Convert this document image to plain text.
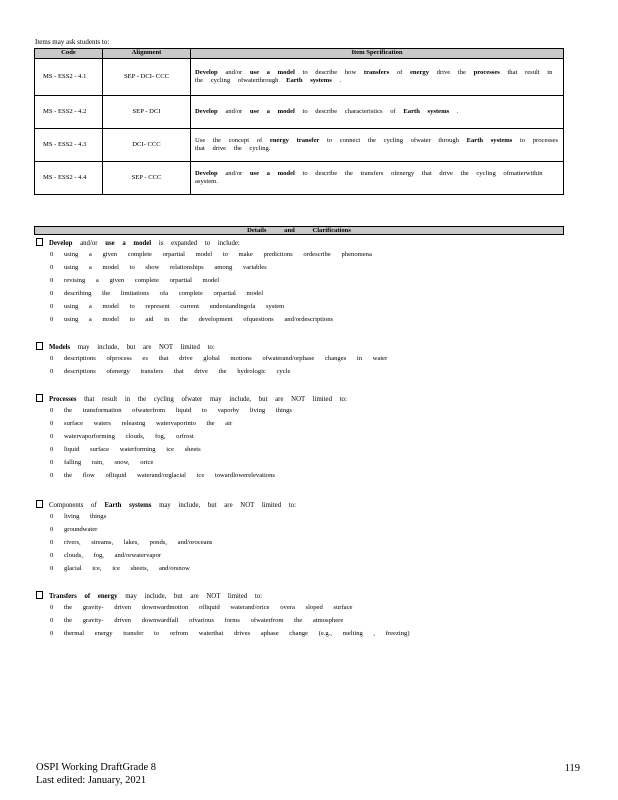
Items may ask students to:
Code	Alignment	Item Specification
MS - ESS2 - 4.1	SEP - DCI- CCC	Develop and/or use a model to describe how transfers of energy drive the processes that result in the cycling ofwaterthrough Earth systems .
MS - ESS2 - 4.2	SEP - DCI	Develop and/or use a model to describe characteristics of Earth systems .
MS - ESS2 - 4.3	DCI- CCC	Use the concept of energy transfer to connect the cycling ofwater through Earth systems to processes that drive the cycling.
MS - ESS2 - 4.4	SEP - CCC	Develop and/or use a model to describe the transfers ofenergy that drive the cycling ofmatterwithin asystem.
Details	and	Clarifications
Develop and/or use a model is expanded to include:
0 using a given complete orpartial model to make predictions ordescribe phenomena
0 using a model to show relationships among variables
0 revising a given complete orpartial model
0 describing the limitations ofa complete orpartial model
0 using a model to represent current understandingofa system
0 using a model to aid in the development ofquestions and/ordescriptions
Models may include, but are NOT limited to:
0 descriptions ofprocess es that drive global motions ofwaterand/orphase changes in water
0 descriptions ofenergy transfers that drive the hydrologic cycle
Processes that result in the cycling ofwater may include, but are NOT limited to:
0 the transformation ofwaterfrom liquid to vaporby living things
0 surface waters releasing watervaporinto the air
0 watervaporforming clouds, fog, orfrost
0 liquid surface waterforming ice sheets
0 falling rain, snow, orice
0 the flow ofliquid waterand/orglacial ice towardlowerelevations
Components of Earth systems may include, but are NOT limited to:
0 living things
0 groundwater
0 rivers, streams, lakes, ponds, and/oroceans
0 clouds, fog, and/orwatervapor
0 glacial ice, ice sheets, and/orsnow
Transfers of energy may include, but are NOT limited to:
0 the gravity- driven downwardmotion ofliquid waterand/orice overa sloped surface
0 the gravity- driven downwardfall ofvarious forms ofwaterfrom the atmosphere
0 thermal energy transfer to orfrom waterthat drives aphase change (e.g., melting , freezing)
OSPI Working DraftGrade 8
Last edited: January, 2021
119
